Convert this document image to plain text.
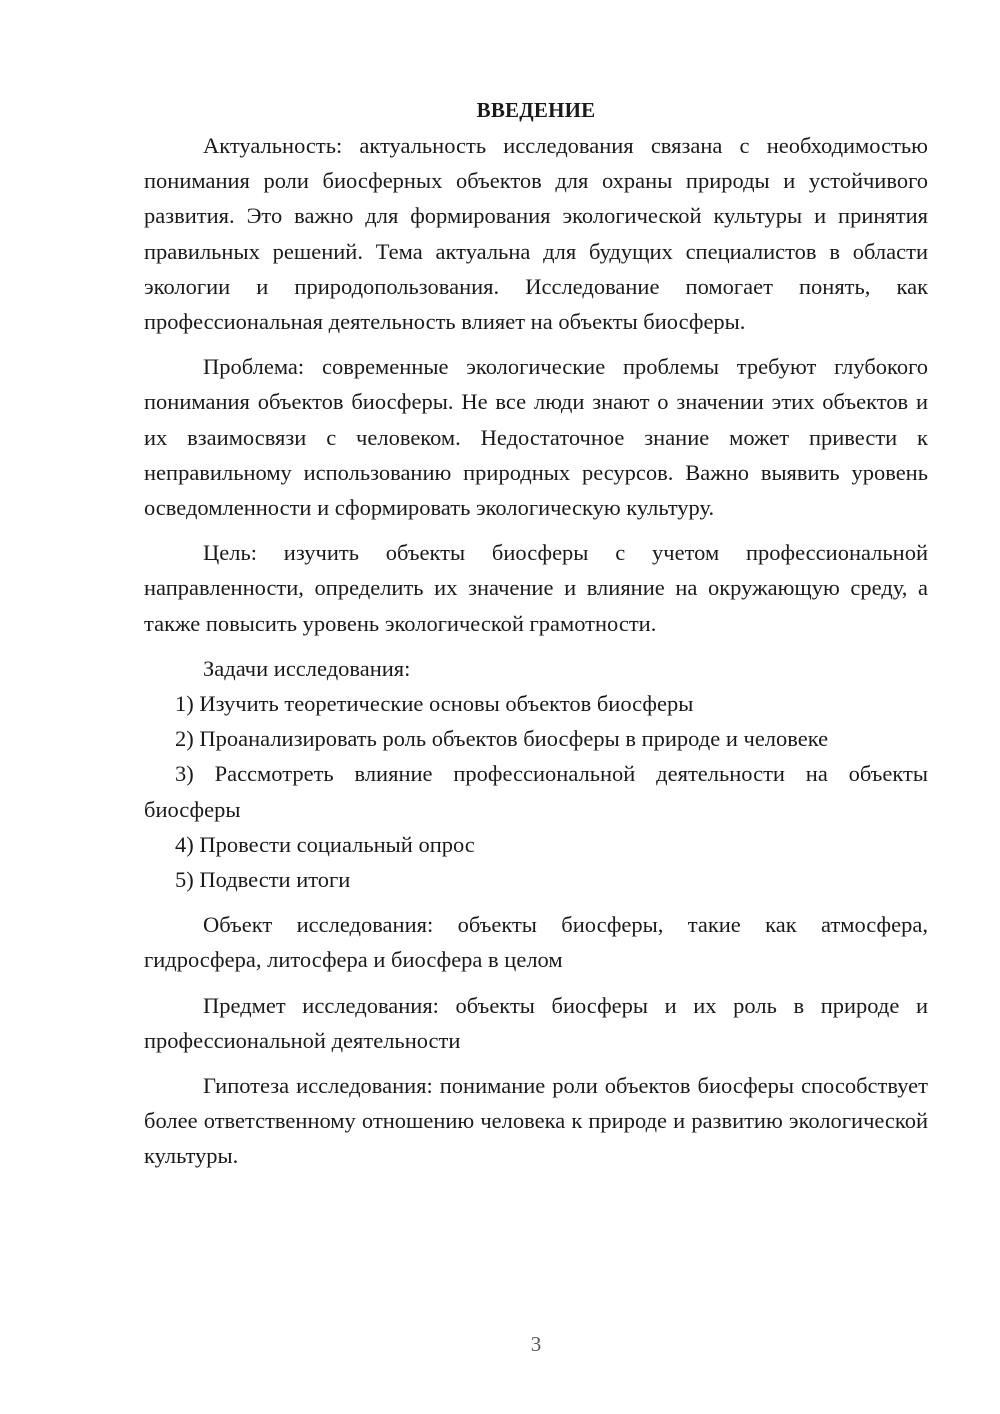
ВВЕДЕНИЕ

Актуальность: актуальность исследования связана с необходимостью понимания роли биосферных объектов для охраны природы и устойчивого развития. Это важно для формирования экологической культуры и принятия правильных решений. Тема актуальна для будущих специалистов в области экологии и природопользования. Исследование помогает понять, как профессиональная деятельность влияет на объекты биосферы.

Проблема: современные экологические проблемы требуют глубокого понимания объектов биосферы. Не все люди знают о значении этих объектов и их взаимосвязи с человеком. Недостаточное знание может привести к неправильному использованию природных ресурсов. Важно выявить уровень осведомленности и сформировать экологическую культуру.

Цель: изучить объекты биосферы с учетом профессиональной направленности, определить их значение и влияние на окружающую среду, а также повысить уровень экологической грамотности.

Задачи исследования:

1) Изучить теоретические основы объектов биосферы

2) Проанализировать роль объектов биосферы в природе и человеке

3) Рассмотреть влияние профессиональной деятельности на объекты биосферы

4) Провести социальный опрос

5) Подвести итоги

Объект исследования: объекты биосферы, такие как атмосфера, гидросфера, литосфера и биосфера в целом

Предмет исследования: объекты биосферы и их роль в природе и профессиональной деятельности

Гипотеза исследования: понимание роли объектов биосферы способствует более ответственному отношению человека к природе и развитию экологической культуры.

3
